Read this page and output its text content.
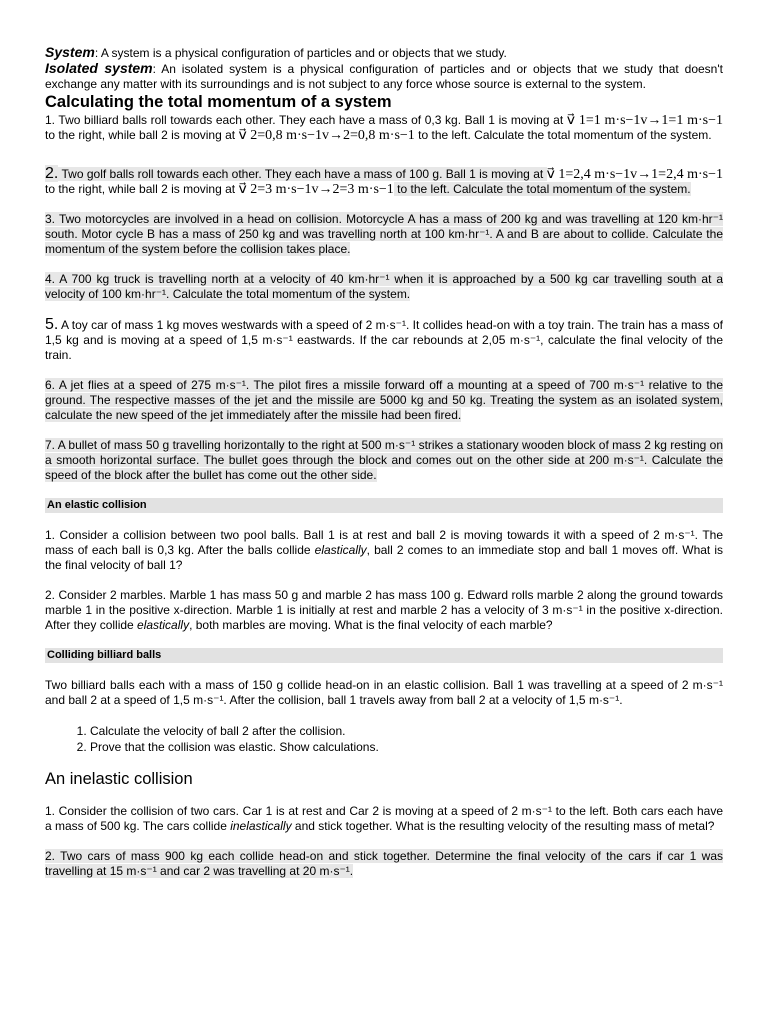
System: A system is a physical configuration of particles and or objects that we study.

Isolated system: An isolated system is a physical configuration of particles and or objects that we study that doesn't exchange any matter with its surroundings and is not subject to any force whose source is external to the system.

Calculating the total momentum of a system

1. Two billiard balls roll towards each other. They each have a mass of 0,3 kg. Ball 1 is moving at v⃗ 1=1 m·s−1v→1=1 m·s−1 to the right, while ball 2 is moving at v⃗ 2=0,8 m·s−1v→2=0,8 m·s−1 to the left. Calculate the total momentum of the system.

2. Two golf balls roll towards each other. They each have a mass of 100 g. Ball 1 is moving at v⃗ 1=2,4 m·s−1v→1=2,4 m·s−1 to the right, while ball 2 is moving at v⃗ 2=3 m·s−1v→2=3 m·s−1 to the left. Calculate the total momentum of the system.

3. Two motorcycles are involved in a head on collision. Motorcycle A has a mass of 200 kg and was travelling at 120 km·hr⁻¹ south. Motor cycle B has a mass of 250 kg and was travelling north at 100 km·hr⁻¹. A and B are about to collide. Calculate the momentum of the system before the collision takes place.

4. A 700 kg truck is travelling north at a velocity of 40 km·hr⁻¹ when it is approached by a 500 kg car travelling south at a velocity of 100 km·hr⁻¹. Calculate the total momentum of the system.

5. A toy car of mass 1 kg moves westwards with a speed of 2 m·s⁻¹. It collides head-on with a toy train. The train has a mass of 1,5 kg and is moving at a speed of 1,5 m·s⁻¹ eastwards. If the car rebounds at 2,05 m·s⁻¹, calculate the final velocity of the train.

6. A jet flies at a speed of 275 m·s⁻¹. The pilot fires a missile forward off a mounting at a speed of 700 m·s⁻¹ relative to the ground. The respective masses of the jet and the missile are 5000 kg and 50 kg. Treating the system as an isolated system, calculate the new speed of the jet immediately after the missile had been fired.

7. A bullet of mass 50 g travelling horizontally to the right at 500 m·s⁻¹ strikes a stationary wooden block of mass 2 kg resting on a smooth horizontal surface. The bullet goes through the block and comes out on the other side at 200 m·s⁻¹. Calculate the speed of the block after the bullet has come out the other side.

An elastic collision

1. Consider a collision between two pool balls. Ball 1 is at rest and ball 2 is moving towards it with a speed of 2 m·s⁻¹. The mass of each ball is 0,3 kg. After the balls collide elastically, ball 2 comes to an immediate stop and ball 1 moves off. What is the final velocity of ball 1?

2. Consider 2 marbles. Marble 1 has mass 50 g and marble 2 has mass 100 g. Edward rolls marble 2 along the ground towards marble 1 in the positive x-direction. Marble 1 is initially at rest and marble 2 has a velocity of 3 m·s⁻¹ in the positive x-direction. After they collide elastically, both marbles are moving. What is the final velocity of each marble?

Colliding billiard balls

Two billiard balls each with a mass of 150 g collide head-on in an elastic collision. Ball 1 was travelling at a speed of 2 m·s⁻¹ and ball 2 at a speed of 1,5 m·s⁻¹. After the collision, ball 1 travels away from ball 2 at a velocity of 1,5 m·s⁻¹.

1. Calculate the velocity of ball 2 after the collision.
2. Prove that the collision was elastic. Show calculations.
An inelastic collision

1. Consider the collision of two cars. Car 1 is at rest and Car 2 is moving at a speed of 2 m·s⁻¹ to the left. Both cars each have a mass of 500 kg. The cars collide inelastically and stick together. What is the resulting velocity of the resulting mass of metal?

2. Two cars of mass 900 kg each collide head-on and stick together. Determine the final velocity of the cars if car 1 was travelling at 15 m·s⁻¹ and car 2 was travelling at 20 m·s⁻¹.
